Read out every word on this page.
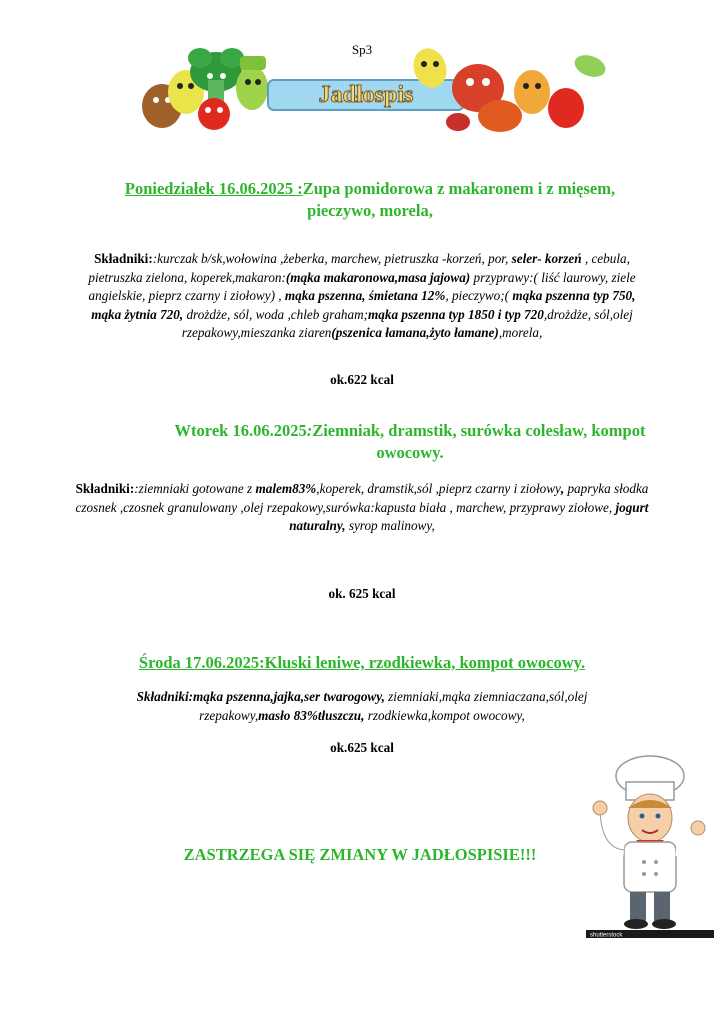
Sp3
Jadłospis
Poniedziałek 16.06.2025 :Zupa pomidorowa z makaronem i z mięsem,
pieczywo, morela,
Składniki::kurczak b/sk,wołowina ,żeberka, marchew, pietruszka -korzeń, por, seler- korzeń , cebula, pietruszka zielona, koperek,makaron:(mąka makaronowa,masa jajowa) przyprawy:( liść laurowy, ziele angielskie, pieprz czarny i ziołowy) , mąka pszenna, śmietana 12%, pieczywo;( mąka pszenna typ 750, mąka żytnia 720, drożdże, sól, woda ,chleb graham;mąka pszenna typ 1850 i typ 720,drożdże, sól,olej rzepakowy,mieszanka ziaren(pszenica łamana,żyto łamane),morela,
ok.622 kcal
Wtorek 16.06.2025:Ziemniak, dramstik, surówka colesław, kompot
owocowy.
Składniki::ziemniaki gotowane z malem83%,koperek, dramstik,sól ,pieprz czarny i ziołowy, papryka słodka czosnek ,czosnek granulowany ,olej rzepakowy,surówka:kapusta biała , marchew, przyprawy ziołowe, jogurt naturalny, syrop malinowy,
ok. 625 kcal
Środa 17.06.2025:Kluski leniwe, rzodkiewka, kompot owocowy.
Składniki:mąka pszenna,jajka,ser twarogowy, ziemniaki,mąka ziemniaczana,sól,olej rzepakowy,masło 83%tłuszczu, rzodkiewka,kompot owocowy,
ok.625 kcal
ZASTRZEGA SIĘ ZMIANY W JADŁOSPISIE!!!
shutterstock
